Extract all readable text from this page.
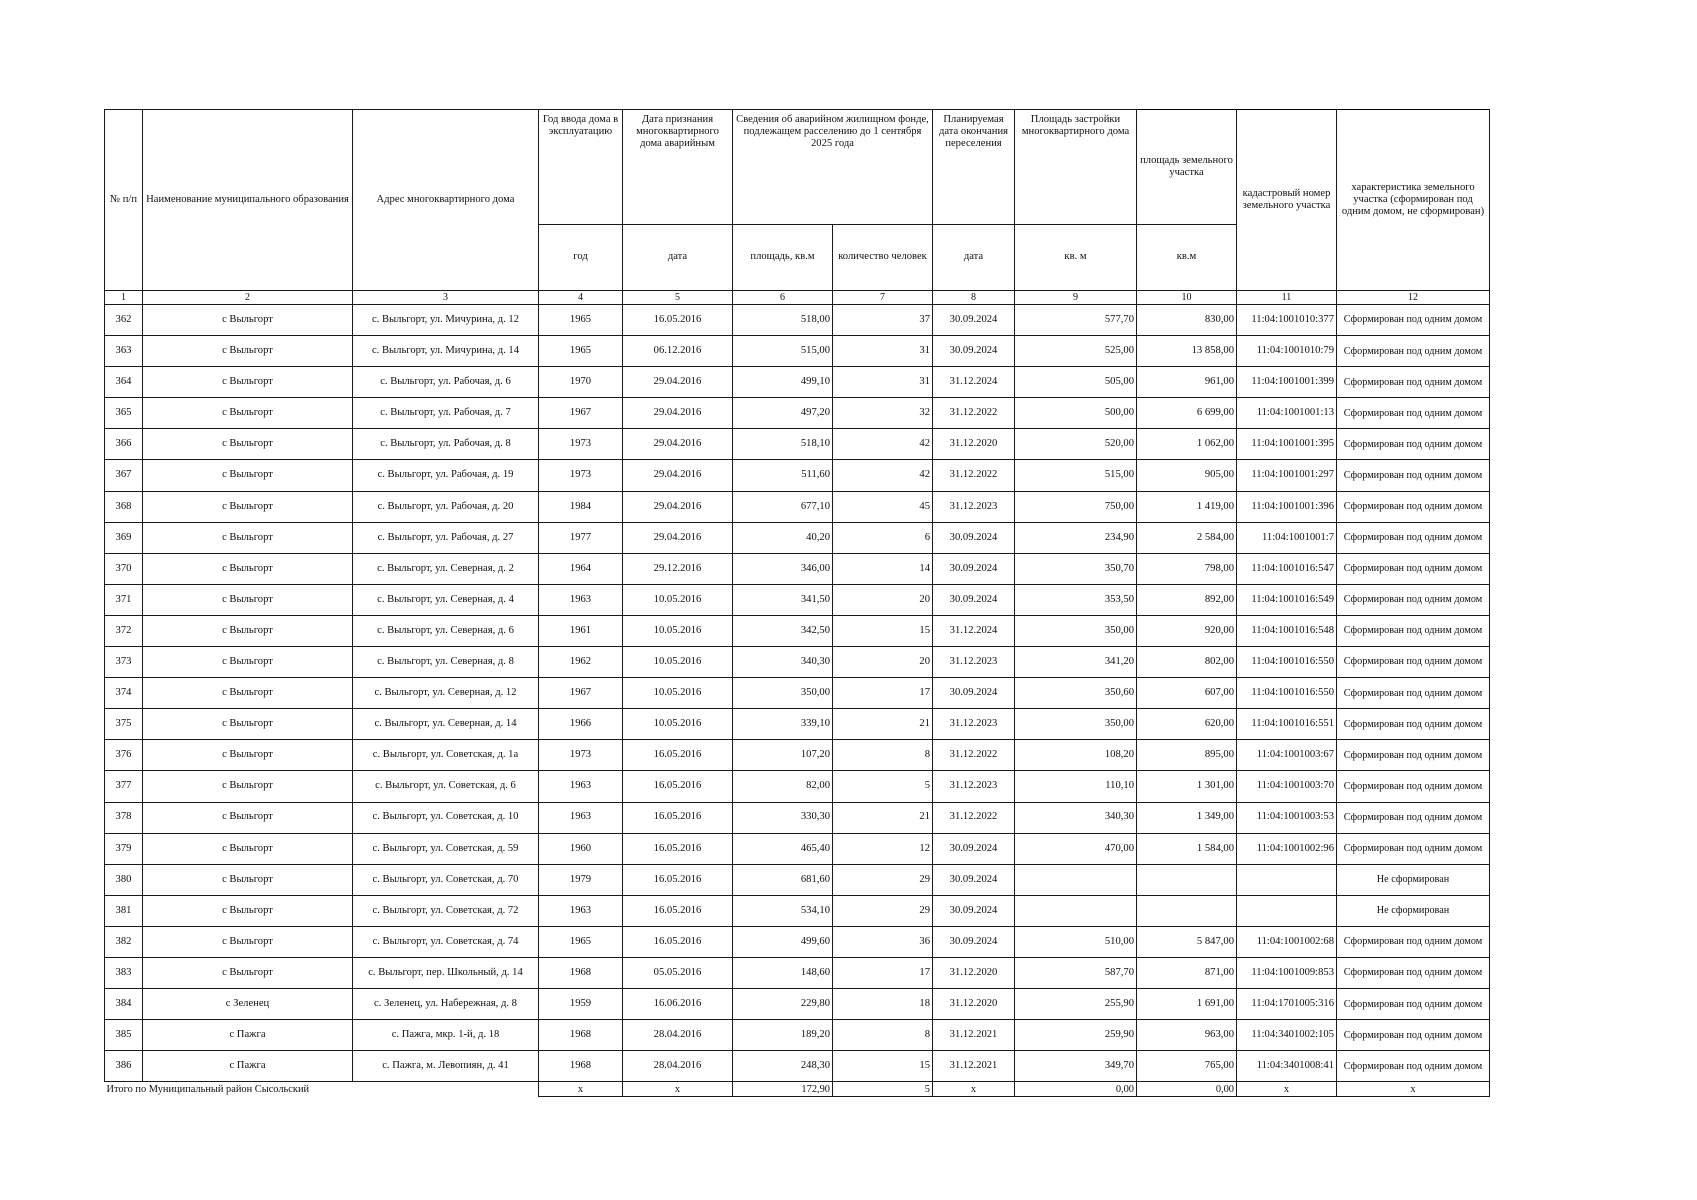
№ п/п	Наименование муниципального образования	Адрес многоквартирного дома	Год ввода дома в эксплуатацию	Дата признания многоквартирного дома аварийным	Сведения об аварийном жилищном фонде, подлежащем расселению до 1 сентября 2025 года		Планируемая дата окончания переселения	Площадь застройки многоквартирного дома	площадь земельного участка	кадастровый номер земельного участка	характеристика земельного участка (сформирован под одним домом, не сформирован)
			год	дата	площадь, кв.м	количество человек	дата	кв. м	кв.м		
1	2	3	4	5	6	7	8	9	10	11	12
362	с Выльгорт	с. Выльгорт, ул. Мичурина, д. 12	1965	16.05.2016	518,00	37	30.09.2024	577,70	830,00	11:04:1001010:377	Сформирован под одним домом
363	с Выльгорт	с. Выльгорт, ул. Мичурина, д. 14	1965	06.12.2016	515,00	31	30.09.2024	525,00	13 858,00	11:04:1001010:79	Сформирован под одним домом
364	с Выльгорт	с. Выльгорт, ул. Рабочая, д. 6	1970	29.04.2016	499,10	31	31.12.2024	505,00	961,00	11:04:1001001:399	Сформирован под одним домом
365	с Выльгорт	с. Выльгорт, ул. Рабочая, д. 7	1967	29.04.2016	497,20	32	31.12.2022	500,00	6 699,00	11:04:1001001:13	Сформирован под одним домом
366	с Выльгорт	с. Выльгорт, ул. Рабочая, д. 8	1973	29.04.2016	518,10	42	31.12.2020	520,00	1 062,00	11:04:1001001:395	Сформирован под одним домом
367	с Выльгорт	с. Выльгорт, ул. Рабочая, д. 19	1973	29.04.2016	511,60	42	31.12.2022	515,00	905,00	11:04:1001001:297	Сформирован под одним домом
368	с Выльгорт	с. Выльгорт, ул. Рабочая, д. 20	1984	29.04.2016	677,10	45	31.12.2023	750,00	1 419,00	11:04:1001001:396	Сформирован под одним домом
369	с Выльгорт	с. Выльгорт, ул. Рабочая, д. 27	1977	29.04.2016	40,20	6	30.09.2024	234,90	2 584,00	11:04:1001001:7	Сформирован под одним домом
370	с Выльгорт	с. Выльгорт, ул. Северная, д. 2	1964	29.12.2016	346,00	14	30.09.2024	350,70	798,00	11:04:1001016:547	Сформирован под одним домом
371	с Выльгорт	с. Выльгорт, ул. Северная, д. 4	1963	10.05.2016	341,50	20	30.09.2024	353,50	892,00	11:04:1001016:549	Сформирован под одним домом
372	с Выльгорт	с. Выльгорт, ул. Северная, д. 6	1961	10.05.2016	342,50	15	31.12.2024	350,00	920,00	11:04:1001016:548	Сформирован под одним домом
373	с Выльгорт	с. Выльгорт, ул. Северная, д. 8	1962	10.05.2016	340,30	20	31.12.2023	341,20	802,00	11:04:1001016:550	Сформирован под одним домом
374	с Выльгорт	с. Выльгорт, ул. Северная, д. 12	1967	10.05.2016	350,00	17	30.09.2024	350,60	607,00	11:04:1001016:550	Сформирован под одним домом
375	с Выльгорт	с. Выльгорт, ул. Северная, д. 14	1966	10.05.2016	339,10	21	31.12.2023	350,00	620,00	11:04:1001016:551	Сформирован под одним домом
376	с Выльгорт	с. Выльгорт, ул. Советская, д. 1а	1973	16.05.2016	107,20	8	31.12.2022	108,20	895,00	11:04:1001003:67	Сформирован под одним домом
377	с Выльгорт	с. Выльгорт, ул. Советская, д. 6	1963	16.05.2016	82,00	5	31.12.2023	110,10	1 301,00	11:04:1001003:70	Сформирован под одним домом
378	с Выльгорт	с. Выльгорт, ул. Советская, д. 10	1963	16.05.2016	330,30	21	31.12.2022	340,30	1 349,00	11:04:1001003:53	Сформирован под одним домом
379	с Выльгорт	с. Выльгорт, ул. Советская, д. 59	1960	16.05.2016	465,40	12	30.09.2024	470,00	1 584,00	11:04:1001002:96	Сформирован под одним домом
380	с Выльгорт	с. Выльгорт, ул. Советская, д. 70	1979	16.05.2016	681,60	29	30.09.2024				Не сформирован
381	с Выльгорт	с. Выльгорт, ул. Советская, д. 72	1963	16.05.2016	534,10	29	30.09.2024				Не сформирован
382	с Выльгорт	с. Выльгорт, ул. Советская, д. 74	1965	16.05.2016	499,60	36	30.09.2024	510,00	5 847,00	11:04:1001002:68	Сформирован под одним домом
383	с Выльгорт	с. Выльгорт, пер. Школьный, д. 14	1968	05.05.2016	148,60	17	31.12.2020	587,70	871,00	11:04:1001009:853	Сформирован под одним домом
384	с Зеленец	с. Зеленец, ул. Набережная, д. 8	1959	16.06.2016	229,80	18	31.12.2020	255,90	1 691,00	11:04:1701005:316	Сформирован под одним домом
385	с Пажга	с. Пажга, мкр. 1-й, д. 18	1968	28.04.2016	189,20	8	31.12.2021	259,90	963,00	11:04:3401002:105	Сформирован под одним домом
386	с Пажга	с. Пажга, м. Левопиян, д. 41	1968	28.04.2016	248,30	15	31.12.2021	349,70	765,00	11:04:3401008:41	Сформирован под одним домом
Итого по Муниципальный район Сысольский			x	x	172,90	5	x	0,00	0,00	x	x
